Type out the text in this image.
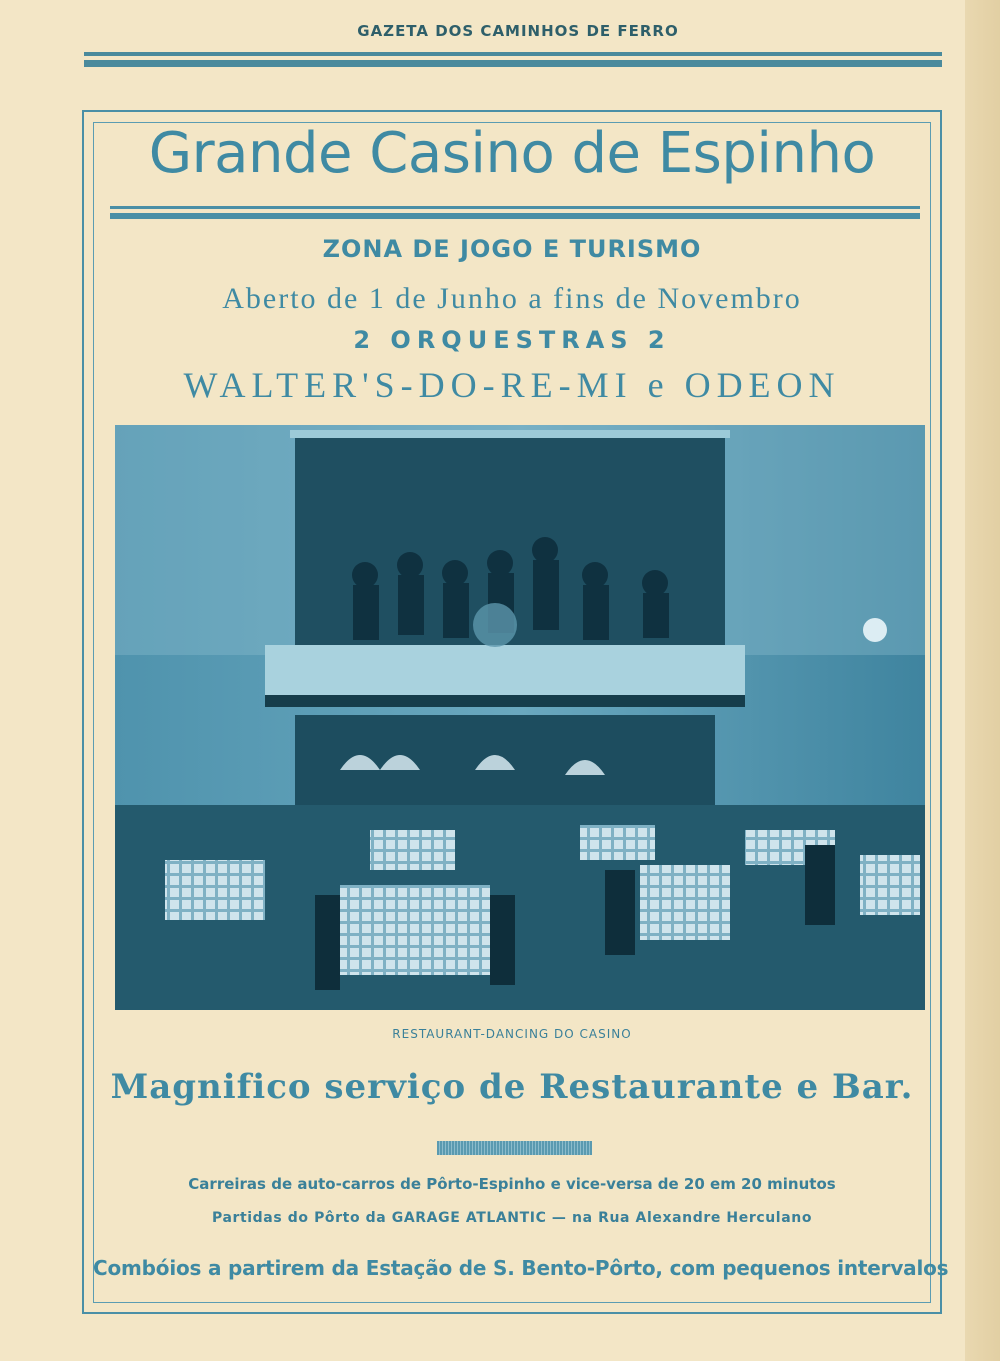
GAZETA DOS CAMINHOS DE FERRO
Grande Casino de Espinho
ZONA DE JOGO E TURISMO
Aberto de 1 de Junho a fins de Novembro
2 ORQUESTRAS 2
WALTER'S-DO-RE-MI e ODEON
RESTAURANT-DANCING DO CASINO
Magnifico serviço de Restaurante e Bar.
Carreiras de auto-carros de Pôrto-Espinho e vice-versa de 20 em 20 minutos
Partidas do Pôrto da GARAGE ATLANTIC — na Rua Alexandre Herculano
Combóios a partirem da Estação de S. Bento-Pôrto, com pequenos intervalos
